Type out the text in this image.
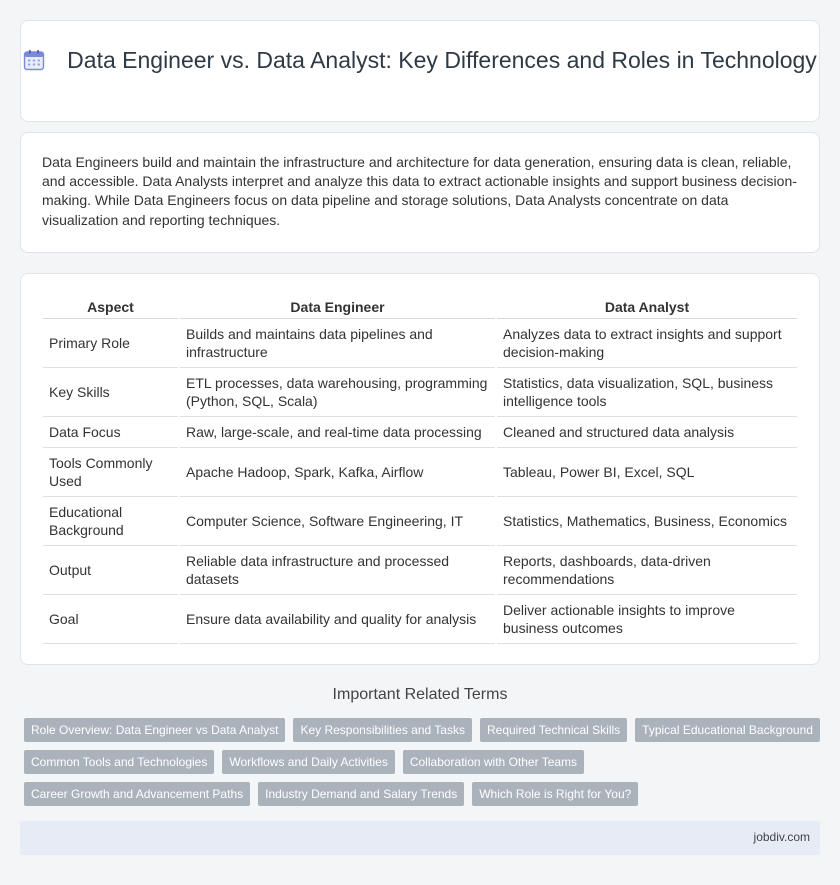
Data Engineer vs. Data Analyst: Key Differences and Roles in Technology

Data Engineers build and maintain the infrastructure and architecture for data generation, ensuring data is clean, reliable, and accessible. Data Analysts interpret and analyze this data to extract actionable insights and support business decision-making. While Data Engineers focus on data pipeline and storage solutions, Data Analysts concentrate on data visualization and reporting techniques.

Aspect	Data Engineer	Data Analyst
Primary Role	Builds and maintains data pipelines and infrastructure	Analyzes data to extract insights and support decision-making
Key Skills	ETL processes, data warehousing, programming (Python, SQL, Scala)	Statistics, data visualization, SQL, business intelligence tools
Data Focus	Raw, large-scale, and real-time data processing	Cleaned and structured data analysis
Tools Commonly Used	Apache Hadoop, Spark, Kafka, Airflow	Tableau, Power BI, Excel, SQL
Educational Background	Computer Science, Software Engineering, IT	Statistics, Mathematics, Business, Economics
Output	Reliable data infrastructure and processed datasets	Reports, dashboards, data-driven recommendations
Goal	Ensure data availability and quality for analysis	Deliver actionable insights to improve business outcomes
Important Related Terms
Role Overview: Data Engineer vs Data Analyst	Key Responsibilities and Tasks	Required Technical Skills	Typical Educational Background
Common Tools and Technologies	Workflows and Daily Activities	Collaboration with Other Teams
Career Growth and Advancement Paths	Industry Demand and Salary Trends	Which Role is Right for You?
jobdiv.com
